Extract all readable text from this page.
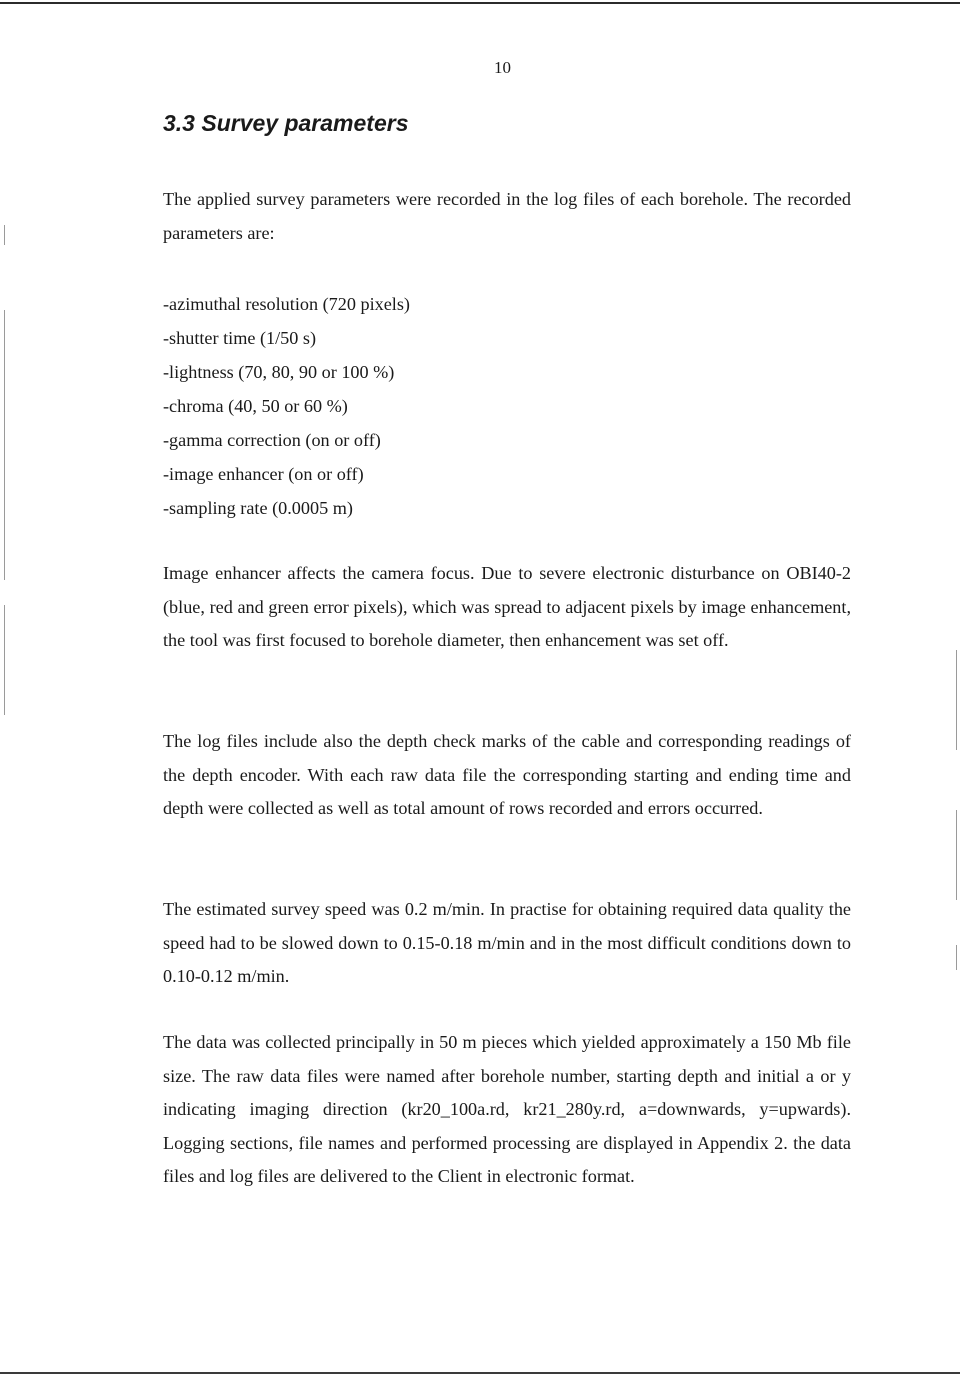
10
3.3 Survey parameters

The applied survey parameters were recorded in the log files of each borehole. The recorded parameters are:

-azimuthal resolution (720 pixels)
-shutter time (1/50 s)
-lightness (70, 80, 90 or 100 %)
-chroma (40, 50 or 60 %)
-gamma correction (on or off)
-image enhancer (on or off)
-sampling rate (0.0005 m)

Image enhancer affects the camera focus. Due to severe electronic disturbance on OBI40-2 (blue, red and green error pixels), which was spread to adjacent pixels by image enhancement, the tool was first focused to borehole diameter, then enhancement was set off.

The log files include also the depth check marks of the cable and corresponding readings of the depth encoder. With each raw data file the corresponding starting and ending time and depth were collected as well as total amount of rows recorded and errors occurred.

The estimated survey speed was 0.2 m/min. In practise for obtaining required data quality the speed had to be slowed down to 0.15-0.18 m/min and in the most difficult conditions down to 0.10-0.12 m/min.

The data was collected principally in 50 m pieces which yielded approximately a 150 Mb file size. The raw data files were named after borehole number, starting depth and initial a or y indicating imaging direction (kr20_100a.rd, kr21_280y.rd, a=downwards, y=upwards). Logging sections, file names and performed processing are displayed in Appendix 2. the data files and log files are delivered to the Client in electronic format.
